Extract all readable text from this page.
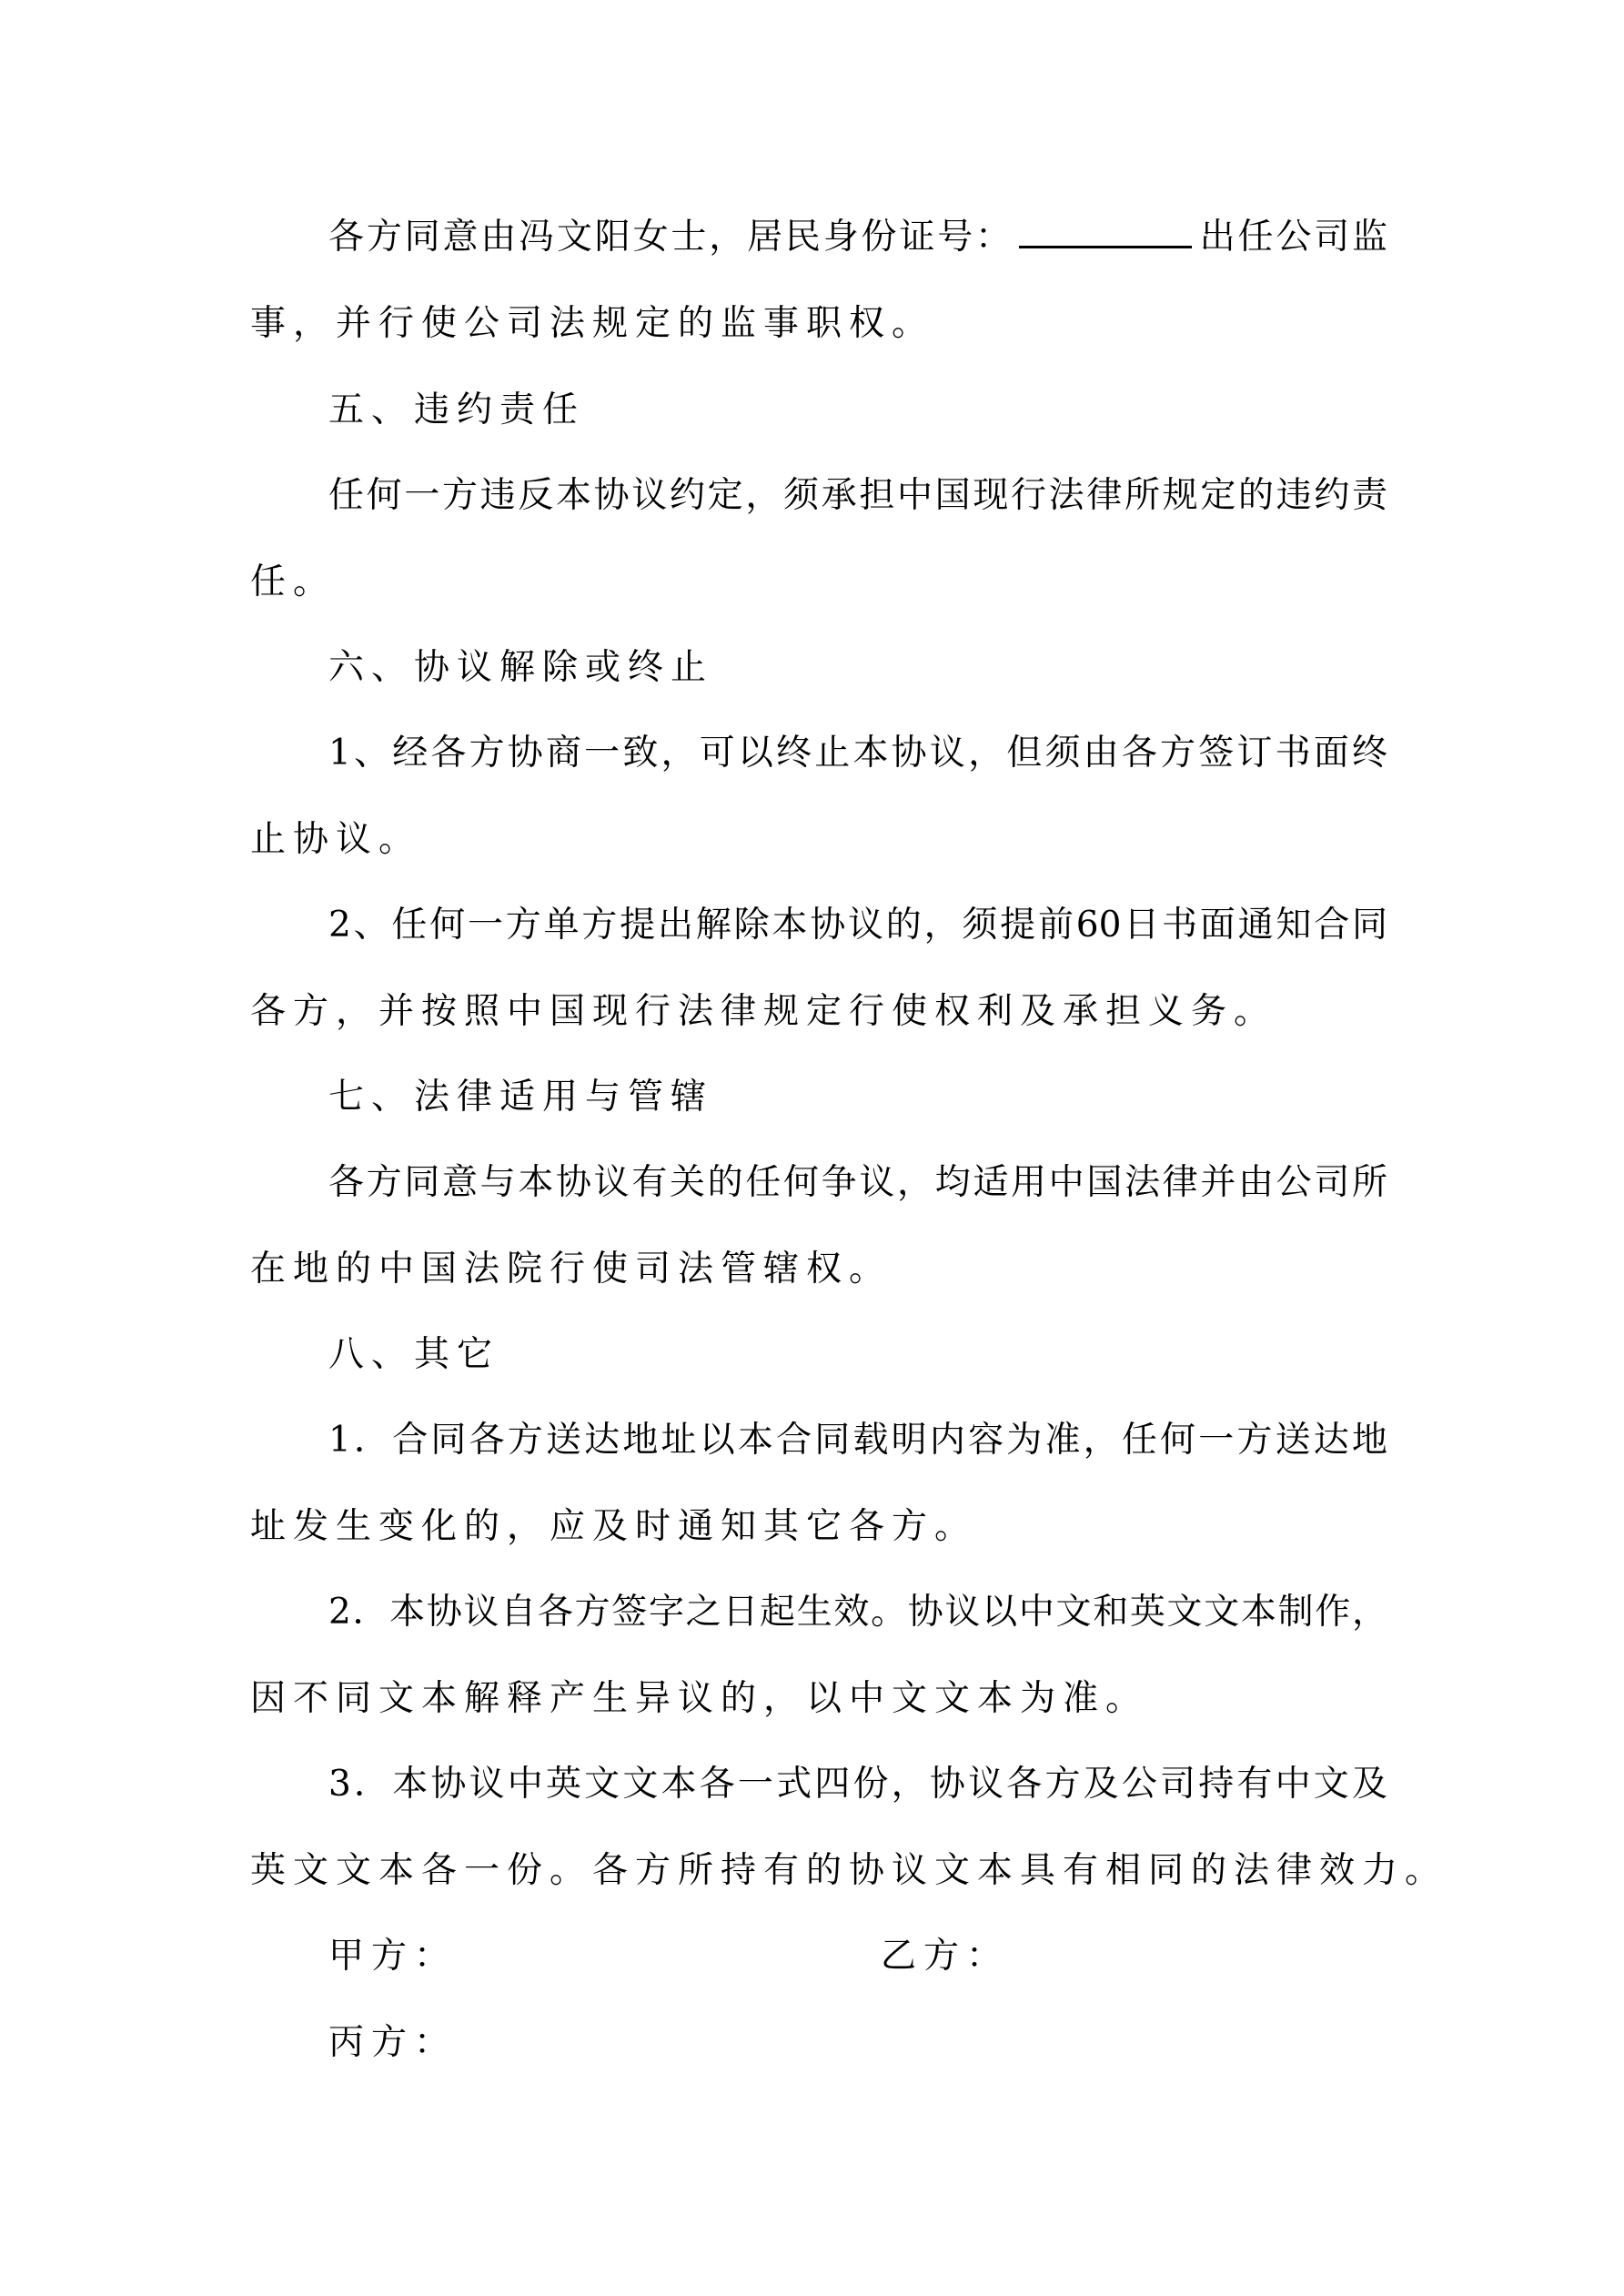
各方同意由冯文阳女士，居民身份证号：	出任公司监
事，并行使公司法规定的监事职权。
五、违约责任
任何一方违反本协议约定，须承担中国现行法律所规定的违约责
任。
六、协议解除或终止
1、经各方协商一致，可以终止本协议，但须由各方签订书面终
止协议。
2、任何一方单方提出解除本协议的，须提前60日书面通知合同
各方，并按照中国现行法律规定行使权利及承担义务。
七、法律适用与管辖
各方同意与本协议有关的任何争议，均适用中国法律并由公司所
在地的中国法院行使司法管辖权。
八、其它
1．合同各方送达地址以本合同载明内容为准，任何一方送达地
址发生变化的，应及时通知其它各方。
2．本协议自各方签字之日起生效。协议以中文和英文文本制作，
因不同文本解释产生异议的，以中文文本为准。
3．本协议中英文文本各一式四份，协议各方及公司持有中文及
英文文本各一份。各方所持有的协议文本具有相同的法律效力。
甲方：	乙方：
丙方：
